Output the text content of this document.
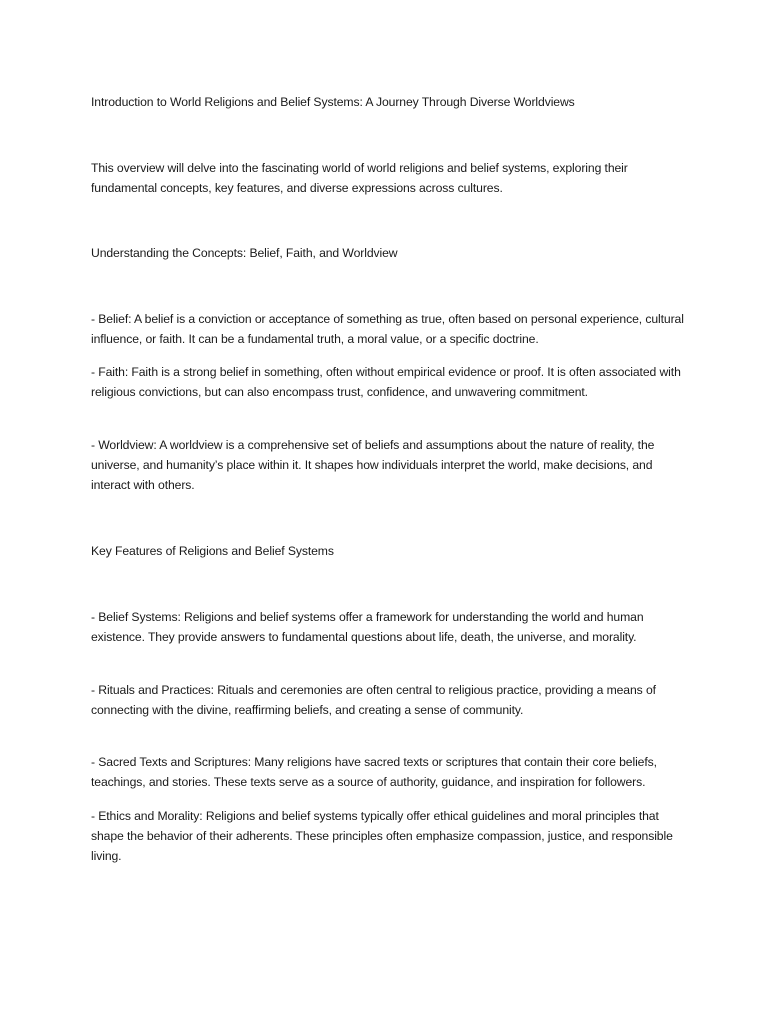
Introduction to World Religions and Belief Systems: A Journey Through Diverse Worldviews

This overview will delve into the fascinating world of world religions and belief systems, exploring their fundamental concepts, key features, and diverse expressions across cultures.

Understanding the Concepts: Belief, Faith, and Worldview

- Belief: A belief is a conviction or acceptance of something as true, often based on personal experience, cultural influence, or faith. It can be a fundamental truth, a moral value, or a specific doctrine.

- Faith: Faith is a strong belief in something, often without empirical evidence or proof. It is often associated with religious convictions, but can also encompass trust, confidence, and unwavering commitment.

- Worldview: A worldview is a comprehensive set of beliefs and assumptions about the nature of reality, the universe, and humanity’s place within it. It shapes how individuals interpret the world, make decisions, and interact with others.

Key Features of Religions and Belief Systems

- Belief Systems: Religions and belief systems offer a framework for understanding the world and human existence. They provide answers to fundamental questions about life, death, the universe, and morality.

- Rituals and Practices: Rituals and ceremonies are often central to religious practice, providing a means of connecting with the divine, reaffirming beliefs, and creating a sense of community.

- Sacred Texts and Scriptures: Many religions have sacred texts or scriptures that contain their core beliefs, teachings, and stories. These texts serve as a source of authority, guidance, and inspiration for followers.

- Ethics and Morality: Religions and belief systems typically offer ethical guidelines and moral principles that shape the behavior of their adherents. These principles often emphasize compassion, justice, and responsible living.
